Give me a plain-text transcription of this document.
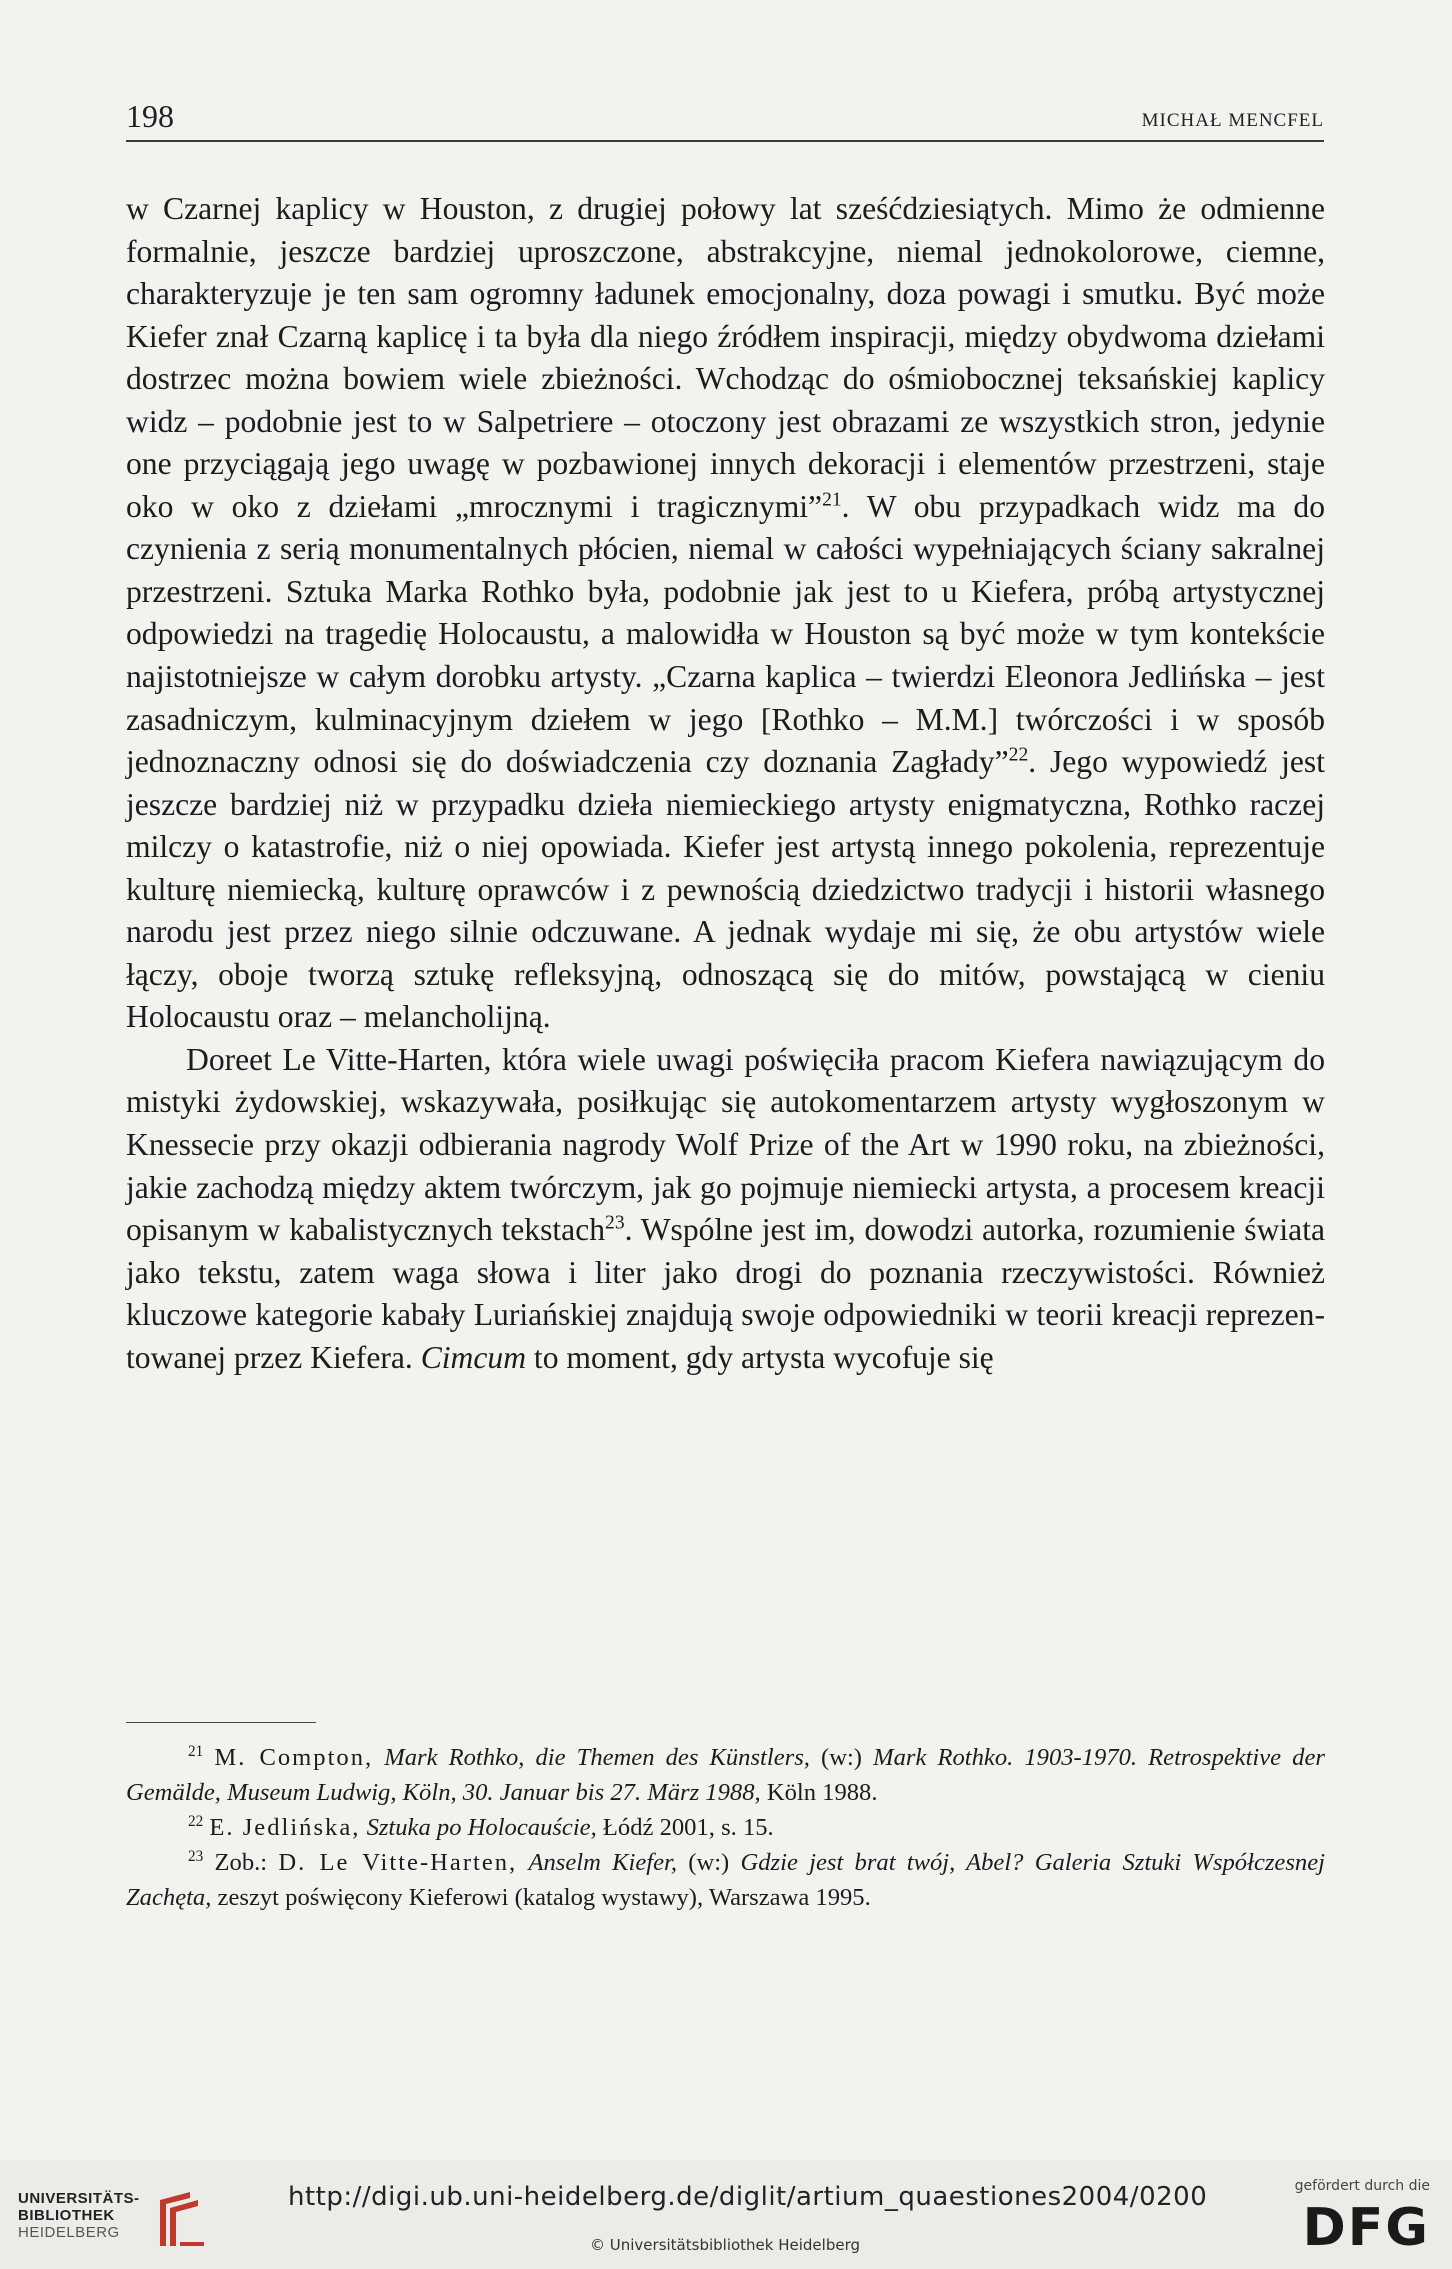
198	MICHAŁ MENCFEL

w Czarnej kaplicy w Houston, z drugiej połowy lat sześćdziesiątych. Mimo że odmienne formalnie, jeszcze bardziej uproszczone, abstrakcyjne, niemal jednokolorowe, ciemne, charakteryzuje je ten sam ogromny ładunek emocjonalny, doza powagi i smutku. Być może Kiefer znał Czarną kaplicę i ta była dla niego źródłem inspiracji, między obydwoma dziełami dostrzec można bowiem wiele zbieżności. Wchodząc do ośmiobocznej teksańskiej kaplicy widz – podobnie jest to w Salpetriere – otoczony jest obrazami ze wszystkich stron, jedynie one przyciągają jego uwagę w pozbawionej innych dekoracji i elementów przestrzeni, staje oko w oko z dziełami „mrocznymi i tragicznymi”$^{21}$. W obu przypadkach widz ma do czynienia z serią monumentalnych płócien, niemal w całości wypełniających ściany sakralnej przestrzeni. Sztuka Marka Rothko była, podobnie jak jest to u Kiefera, próbą artystycznej odpowiedzi na tragedię Holocaustu, a malowidła w Houston są być może w tym kontekście najistotniejsze w całym dorobku artysty. „Czarna kaplica – twierdzi Eleonora Jedlińska – jest zasadniczym, kulminacyjnym dziełem w jego [Rothko – M.M.] twórczości i w sposób jednoznaczny odnosi się do doświadczenia czy doznania Zagłady”$^{22}$. Jego wypowiedź jest jeszcze bardziej niż w przypadku dzieła niemieckiego artysty enigmatyczna, Rothko raczej milczy o katastrofie, niż o niej opowiada. Kiefer jest artystą innego pokolenia, reprezentuje kulturę niemiecką, kulturę oprawców i z pewnością dziedzictwo tradycji i historii własnego narodu jest przez niego silnie odczuwane. A jednak wydaje mi się, że obu artystów wiele łączy, oboje tworzą sztukę refleksyjną, odnoszącą się do mitów, powstającą w cieniu Holocaustu oraz – melancholijną.

Doreet Le Vitte-Harten, która wiele uwagi poświęciła pracom Kiefera nawiązującym do mistyki żydowskiej, wskazywała, posiłkując się autokomentarzem artysty wygłoszonym w Knessecie przy okazji odbierania nagrody Wolf Prize of the Art w 1990 roku, na zbieżności, jakie zachodzą między aktem twórczym, jak go pojmuje niemiecki artysta, a procesem kreacji opisanym w kabalistycznych tekstach$^{23}$. Wspólne jest im, dowodzi autorka, rozumienie świata jako tekstu, zatem waga słowa i liter jako drogi do poznania rzeczywistości. Również kluczowe kategorie kabały Luriańskiej znajdują swoje odpowiedniki w teorii kreacji reprezentowanej przez Kiefera. Cimcum to moment, gdy artysta wycofuje się

$^{21}$ M. Compton, Mark Rothko, die Themen des Künstlers, (w:) Mark Rothko. 1903-1970. Retrospektive der Gemälde, Museum Ludwig, Köln, 30. Januar bis 27. März 1988, Köln 1988.

$^{22}$ E. Jedlińska, Sztuka po Holocauście, Łódź 2001, s. 15.

$^{23}$ Zob.: D. Le Vitte-Harten, Anselm Kiefer, (w:) Gdzie jest brat twój, Abel? Galeria Sztuki Współczesnej Zachęta, zeszyt poświęcony Kieferowi (katalog wystawy), Warszawa 1995.

UNIVERSITÄTS-
BIBLIOTHEK
HEIDELBERG
http://digi.ub.uni-heidelberg.de/diglit/artium_quaestiones2004/0200
© Universitätsbibliothek Heidelberg
gefördert durch die
DFG
